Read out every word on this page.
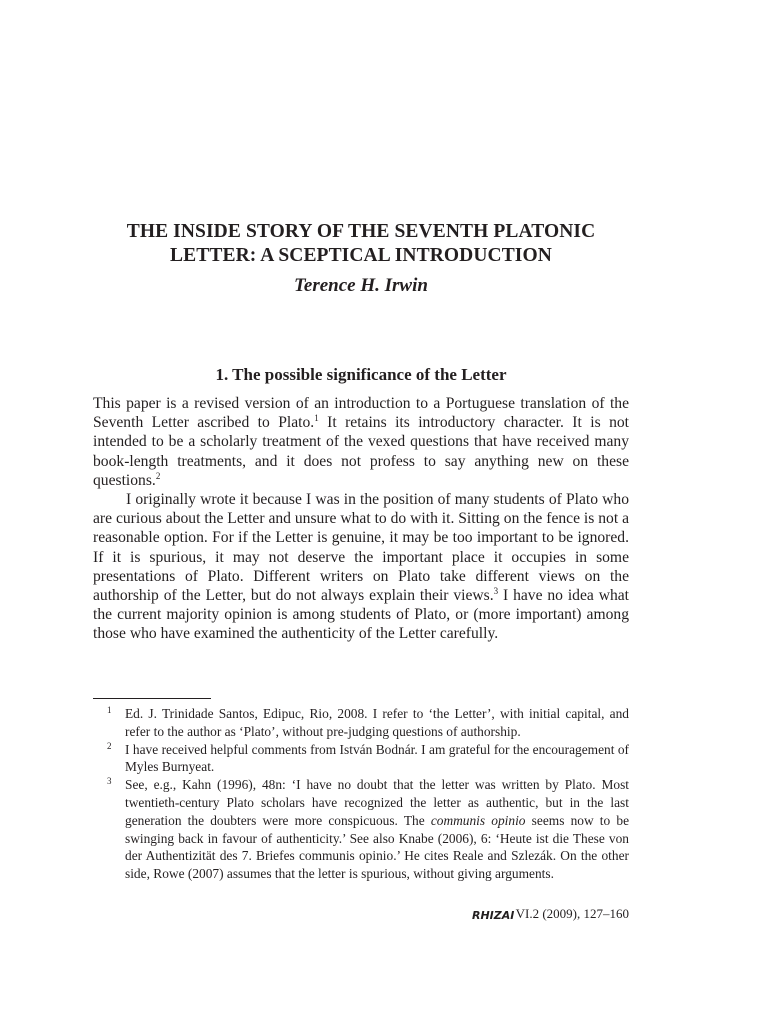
THE INSIDE STORY OF THE SEVENTH PLATONIC
LETTER: A SCEPTICAL INTRODUCTION
Terence H. Irwin
1. The possible significance of the Letter

This paper is a revised version of an introduction to a Portuguese translation of the Seventh Letter ascribed to Plato.$^1$ It retains its introductory character. It is not intended to be a scholarly treatment of the vexed questions that have received many book-length treatments, and it does not profess to say anything new on these questions.$^2$

I originally wrote it because I was in the position of many students of Plato who are curious about the Letter and unsure what to do with it. Sitting on the fence is not a reasonable option. For if the Letter is genuine, it may be too important to be ignored. If it is spurious, it may not deserve the important place it occupies in some presentations of Plato. Different writers on Plato take different views on the authorship of the Letter, but do not always explain their views.$^3$ I have no idea what the current majority opinion is among students of Plato, or (more important) among those who have examined the authenticity of the Letter carefully.

1 Ed. J. Trinidade Santos, Edipuc, Rio, 2008. I refer to ‘the Letter’, with initial capital, and refer to the author as ‘Plato’, without pre-judging questions of authorship.
2 I have received helpful comments from István Bodnár. I am grateful for the encouragement of Myles Burnyeat.
3 See, e.g., Kahn (1996), 48n: ‘I have no doubt that the letter was written by Plato. Most twentieth-century Plato scholars have recognized the letter as authentic, but in the last generation the doubters were more conspicuous. The communis opinio seems now to be swinging back in favour of authenticity.’ See also Knabe (2006), 6: ‘Heute ist die These von der Authentizität des 7. Briefes communis opinio.’ He cites Reale and Szlezák. On the other side, Rowe (2007) assumes that the letter is spurious, without giving arguments.
RHIZAI VI.2 (2009), 127–160
